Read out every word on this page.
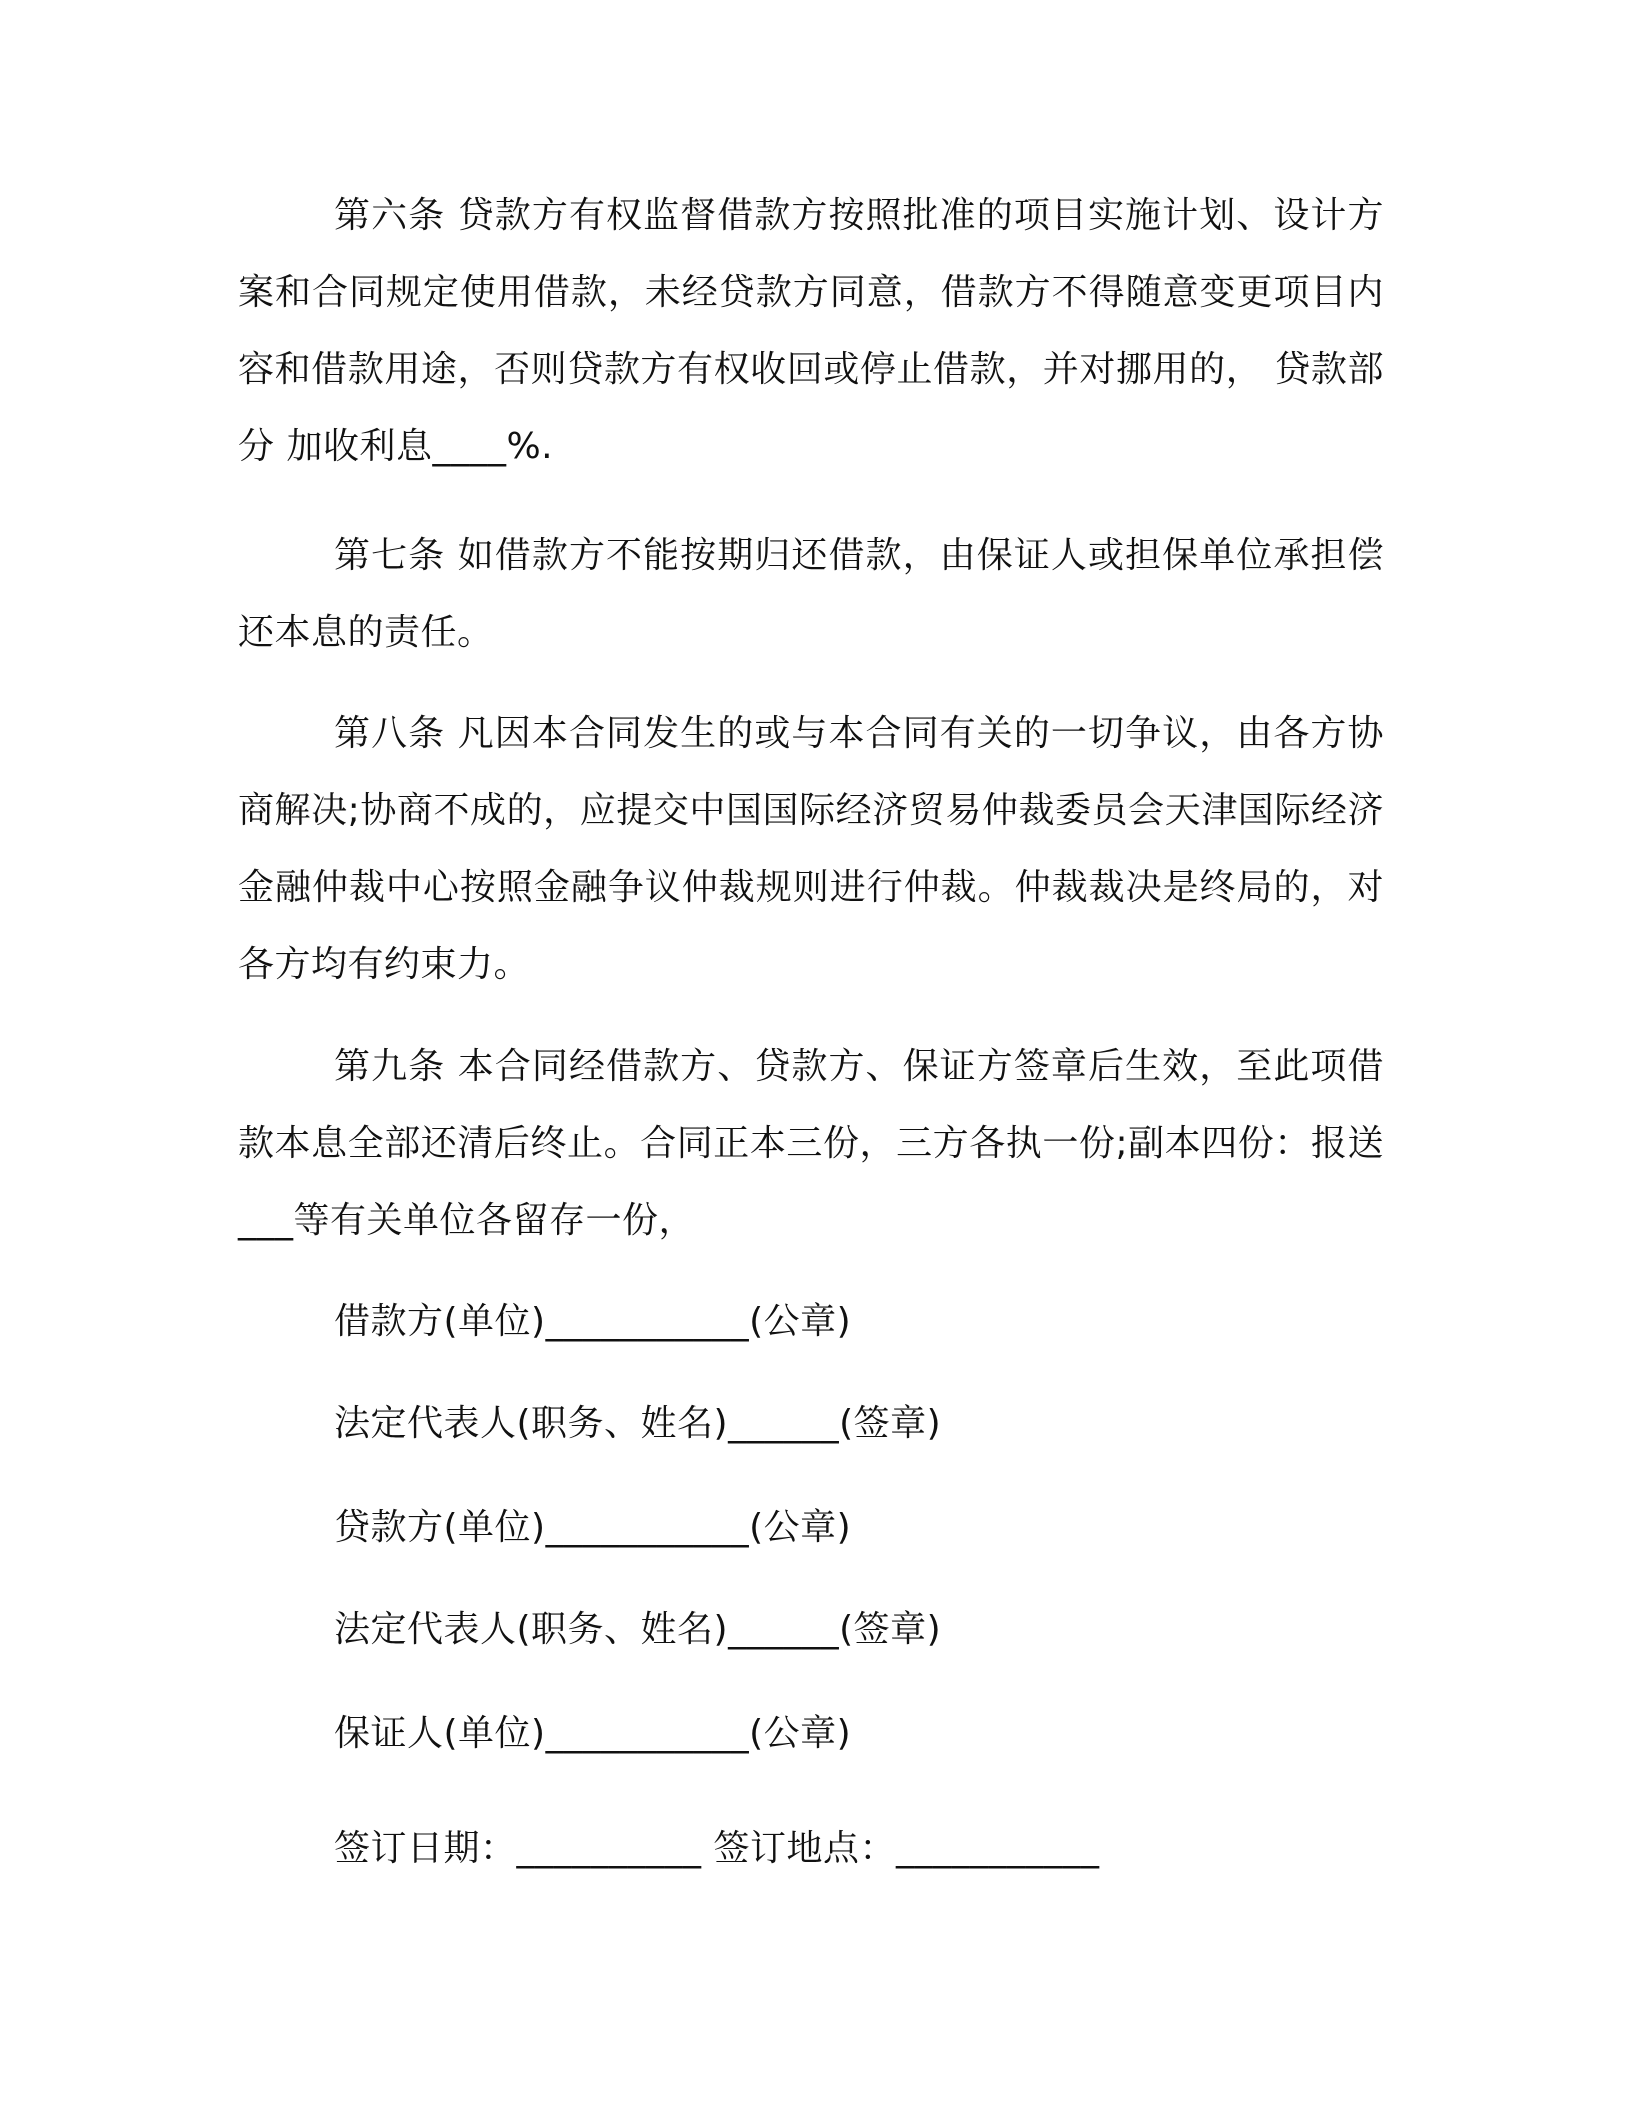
第六条 贷款方有权监督借款方按照批准的项目实施计划、设计方案和合同规定使用借款，未经贷款方同意，借款方不得随意变更项目内容和借款用途，否则贷款方有权收回或停止借款，并对挪用的， 贷款部分 加收利息____%.

第七条 如借款方不能按期归还借款，由保证人或担保单位承担偿还本息的责任。

第八条 凡因本合同发生的或与本合同有关的一切争议，由各方协商解决;协商不成的，应提交中国国际经济贸易仲裁委员会天津国际经济金融仲裁中心按照金融争议仲裁规则进行仲裁。仲裁裁决是终局的，对各方均有约束力。

第九条 本合同经借款方、贷款方、保证方签章后生效，至此项借款本息全部还清后终止。合同正本三份，三方各执一份;副本四份：报送___等有关单位各留存一份，

借款方(单位)___________(公章)

法定代表人(职务、姓名)______(签章)

贷款方(单位)___________(公章)

法定代表人(职务、姓名)______(签章)

保证人(单位)___________(公章)

签订日期：__________ 签订地点：___________
